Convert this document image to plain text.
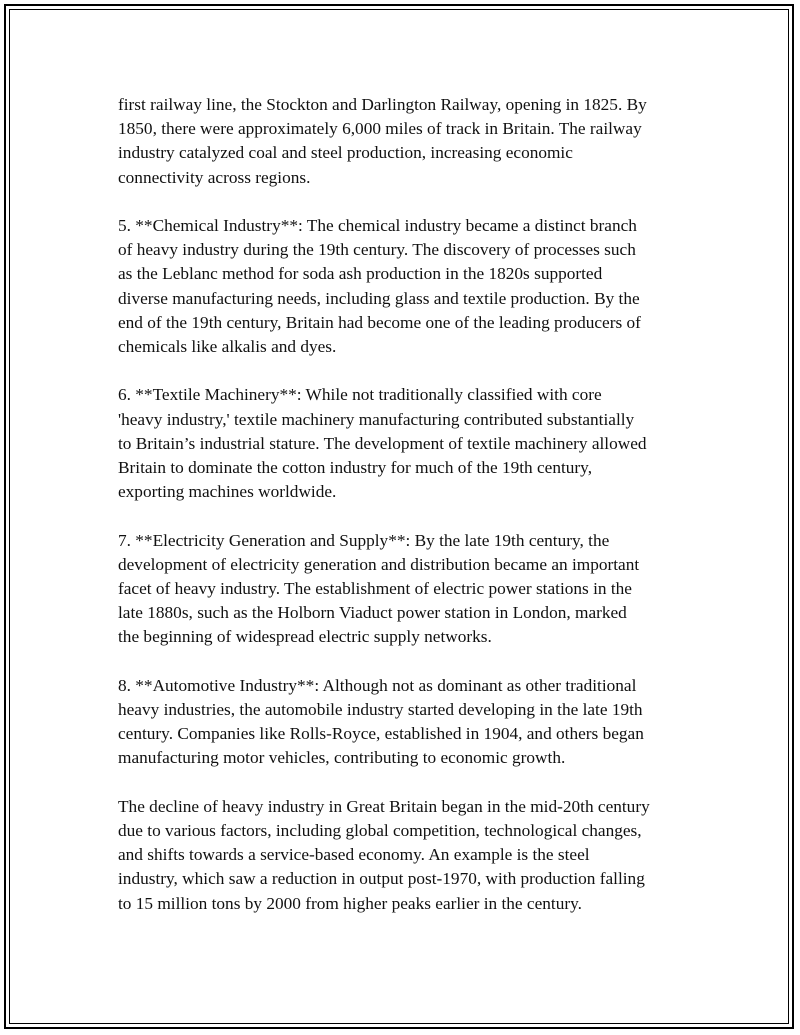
first railway line, the Stockton and Darlington Railway, opening in 1825. By
1850, there were approximately 6,000 miles of track in Britain. The railway
industry catalyzed coal and steel production, increasing economic
connectivity across regions.

5. **Chemical Industry**: The chemical industry became a distinct branch
of heavy industry during the 19th century. The discovery of processes such
as the Leblanc method for soda ash production in the 1820s supported
diverse manufacturing needs, including glass and textile production. By the
end of the 19th century, Britain had become one of the leading producers of
chemicals like alkalis and dyes.

6. **Textile Machinery**: While not traditionally classified with core
'heavy industry,' textile machinery manufacturing contributed substantially
to Britain’s industrial stature. The development of textile machinery allowed
Britain to dominate the cotton industry for much of the 19th century,
exporting machines worldwide.

7. **Electricity Generation and Supply**: By the late 19th century, the
development of electricity generation and distribution became an important
facet of heavy industry. The establishment of electric power stations in the
late 1880s, such as the Holborn Viaduct power station in London, marked
the beginning of widespread electric supply networks.

8. **Automotive Industry**: Although not as dominant as other traditional
heavy industries, the automobile industry started developing in the late 19th
century. Companies like Rolls-Royce, established in 1904, and others began
manufacturing motor vehicles, contributing to economic growth.

The decline of heavy industry in Great Britain began in the mid-20th century
due to various factors, including global competition, technological changes,
and shifts towards a service-based economy. An example is the steel
industry, which saw a reduction in output post-1970, with production falling
to 15 million tons by 2000 from higher peaks earlier in the century.
